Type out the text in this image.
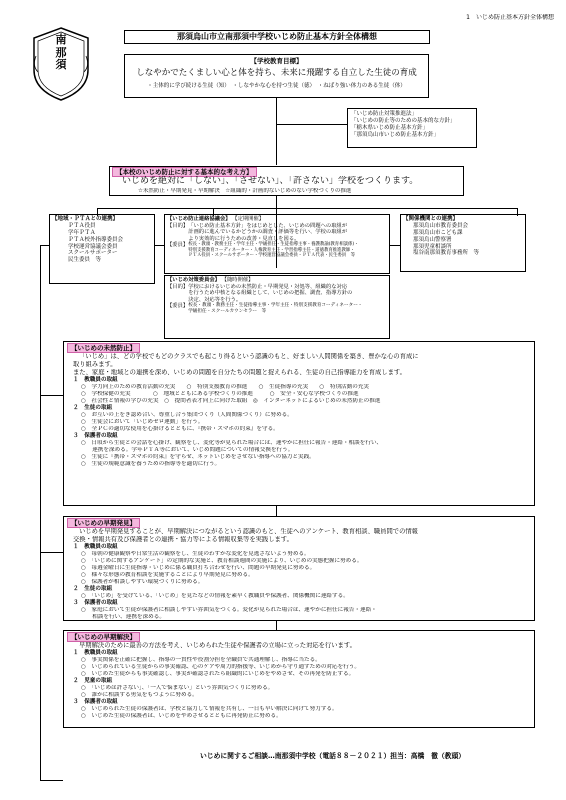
1　いじめ防止基本方針全体構想
南
那
須
那須烏山市立南那須中学校いじめ防止基本方針全体構想
【学校教育目標】
しなやかでたくましい心と体を持ち、未来に飛躍する自立した生徒の育成
・主体的に学び続ける生徒（知）　・しなやかな心を持つ生徒（徳）　・ねばり強い体力のある生徒（体）
「いじめ防止対策推進法」
「いじめの防止等のための基本的な方針」
「栃木県いじめ防止基本方針」
「那須烏山市いじめ防止基本方針」
【本校のいじめ防止に対する基本的な考え方】
いじめを絶対に「しない」、「させない」、「許さない」学校をつくります。
☆未然防止・早期発見・早期解決　☆組織的・計画的ないじめのない学校づくりの推進
【地域・ＰＴＡとの連携】
ＰＴＡ役員
学年ＰＴＡ
ＰＴＡ校外指導委員会
学校運営協議会委員
スクールサポーター
民生委員　等
【いじめ防止連絡協議会】 【定期開催】
【目的】 「いじめ防止基本方針」をはじめとした、いじめの問題への取組が
計画的に進んでいるかどうかの調査・評価等を行い、学校の取組が
より実効的に行うための改善・見直しを図る。
【委員】 校長・教頭・教務主任・学年主任・学級担任・生徒指導主事・養護教諭(教育相談係)・
特別支援教育コーディネーター・人権教育主任・学習指導主任・道徳教育推進教師・
ＰＴＡ役員・スクールサポーター・学校運営協議会委員・ＰＴＡ代表・民生委員　等
【いじめ対策委員会】 【随時開催】
【目的】 学校におけるいじめの未然防止・早期発見・対処等、組織的な対応
を行うため中核となる組織として、いじめの把握、調査、指導方針の
決定、対応等を行う。
【委員】 校長・教頭・教務主任・生徒指導主事・学年主任・特別支援教育コーディネーター・
学級担任・スクールカウンセラー　等
【関係機関との連携】
那須烏山市教育委員会
那須烏山市こども課
那須烏山警察署
那須児童相談所
塩谷南那須教育事務所　等
【いじめの未然防止】
「いじめ」は、どの学校でもどのクラスでも起こり得るという認識のもと、好ましい人間関係を築き、豊かな心の育成に
取り組みます。
また、家庭・地域との連携を深め、いじめの問題を自分たちの問題と捉えられる、生徒の自己指導能力を育成します。
１　教職員の取組
○　学力向上のための教育活動の充実　　○　特別支援教育の推進　　○　生徒指導の充実　　○　特別活動の充実
○　学校保健の充実　　　　○　地域とともにある学校づくりの推進　　　○　安全・安心な学校づくりの推進
○　社会性と情報の学びの充実　○　提問者表才向上に向けた取組　◎　インターネットによるいじめの未然防止の推進
２　生徒の取組
○　お互いの上をき認め合い、尊重し合う集団づくり（人間関係づくり）に努める。
○　生徒会において「いじめゼロ運動」を行う。
○　全ＰＣの適切な使用を心掛けるとともに、『携帯・スマホの約束』を守る。
３　保護者の取組
○　日頃から生徒との会話を心掛け、観察をし、変化等が見られた場合には、速やかに担任に報告・連絡・相談を行い、
　　連携を深める。学年ＰＴＡ等において、いじめ問題についての情報交換を行う。
○　生徒に『携帯・スマホの約束』を守らせ、ネットいじめをさせない指導への協力と実践。
○　生徒の規範意識を養うための指導等を適切に行う。
【いじめの早期発見】
いじめを早期発見することが、早期解決につながるという認識のもと、生徒へのアンケート、教育相談、職員間での情報
交換・情報共有及び保護者との連携・協力等による情報収集等を実践します。
１　教職員の取組
○　毎朝の健康観察や日常生活の観察をし、生徒のわずかな変化を見逃さないよう努める。
○　「いじめに関するアンケート」の定期的な実施と、教育相談週間の実施により、いじめの実態把握に努める。
○　毎週金曜日に生徒指導・いじめに係る職員打ち合わせを行い、問題の早期発見に努める。
○　様々な形態の教育相談を実施することにより早期発見に努める。
○　保護者が相談しやすい環境づくりに努める。
２　生徒の取組
○　「いじめ」を受けている、「いじめ」を見たなどの情報を素早く教職員や保護者、関係機関に連絡する。
３　保護者の取組
○　家庭において生徒が保護者に相談しやすい雰囲気をつくる。変化が見られた場合は、速やかに担任に報告・連絡・
　　相談を行い、連携を深める。
【いじめの早期解決】
早期解決のために最善の方法を考え、いじめられた生徒や保護者の立場に立った対応を行います。
１　教職員の取組
○　事実関係を正確に把握し、指導の一貫性や役割分担を全職員で共通理解し、指導に当たる。
○　いじめられている生徒からの事実確認、心のケアや周力的指援等、いじめから守り通すための対応を行う。
○　いじめた生徒からも事実確認し、事実が確認されたら組織的にいじめをやめさせ、その再発を防止する。
２　児童の取組
○　「いじめは許さない」、「一人で悩まない」という雰囲気づくりに努める。
○　誰かに相談する勇気をもつように努める。
３　保護者の取組
○　いじめられた生徒の保護者は、学校と協力して情報を共有し、一日も早い解決に向けて努力する。
○　いじめた生徒の保護者は、いじめをやめさせるとともに再発防止に努める。
いじめに関するご相談…南那須中学校（電話８８－２０２１）担当：高橋　徹（教頭）
